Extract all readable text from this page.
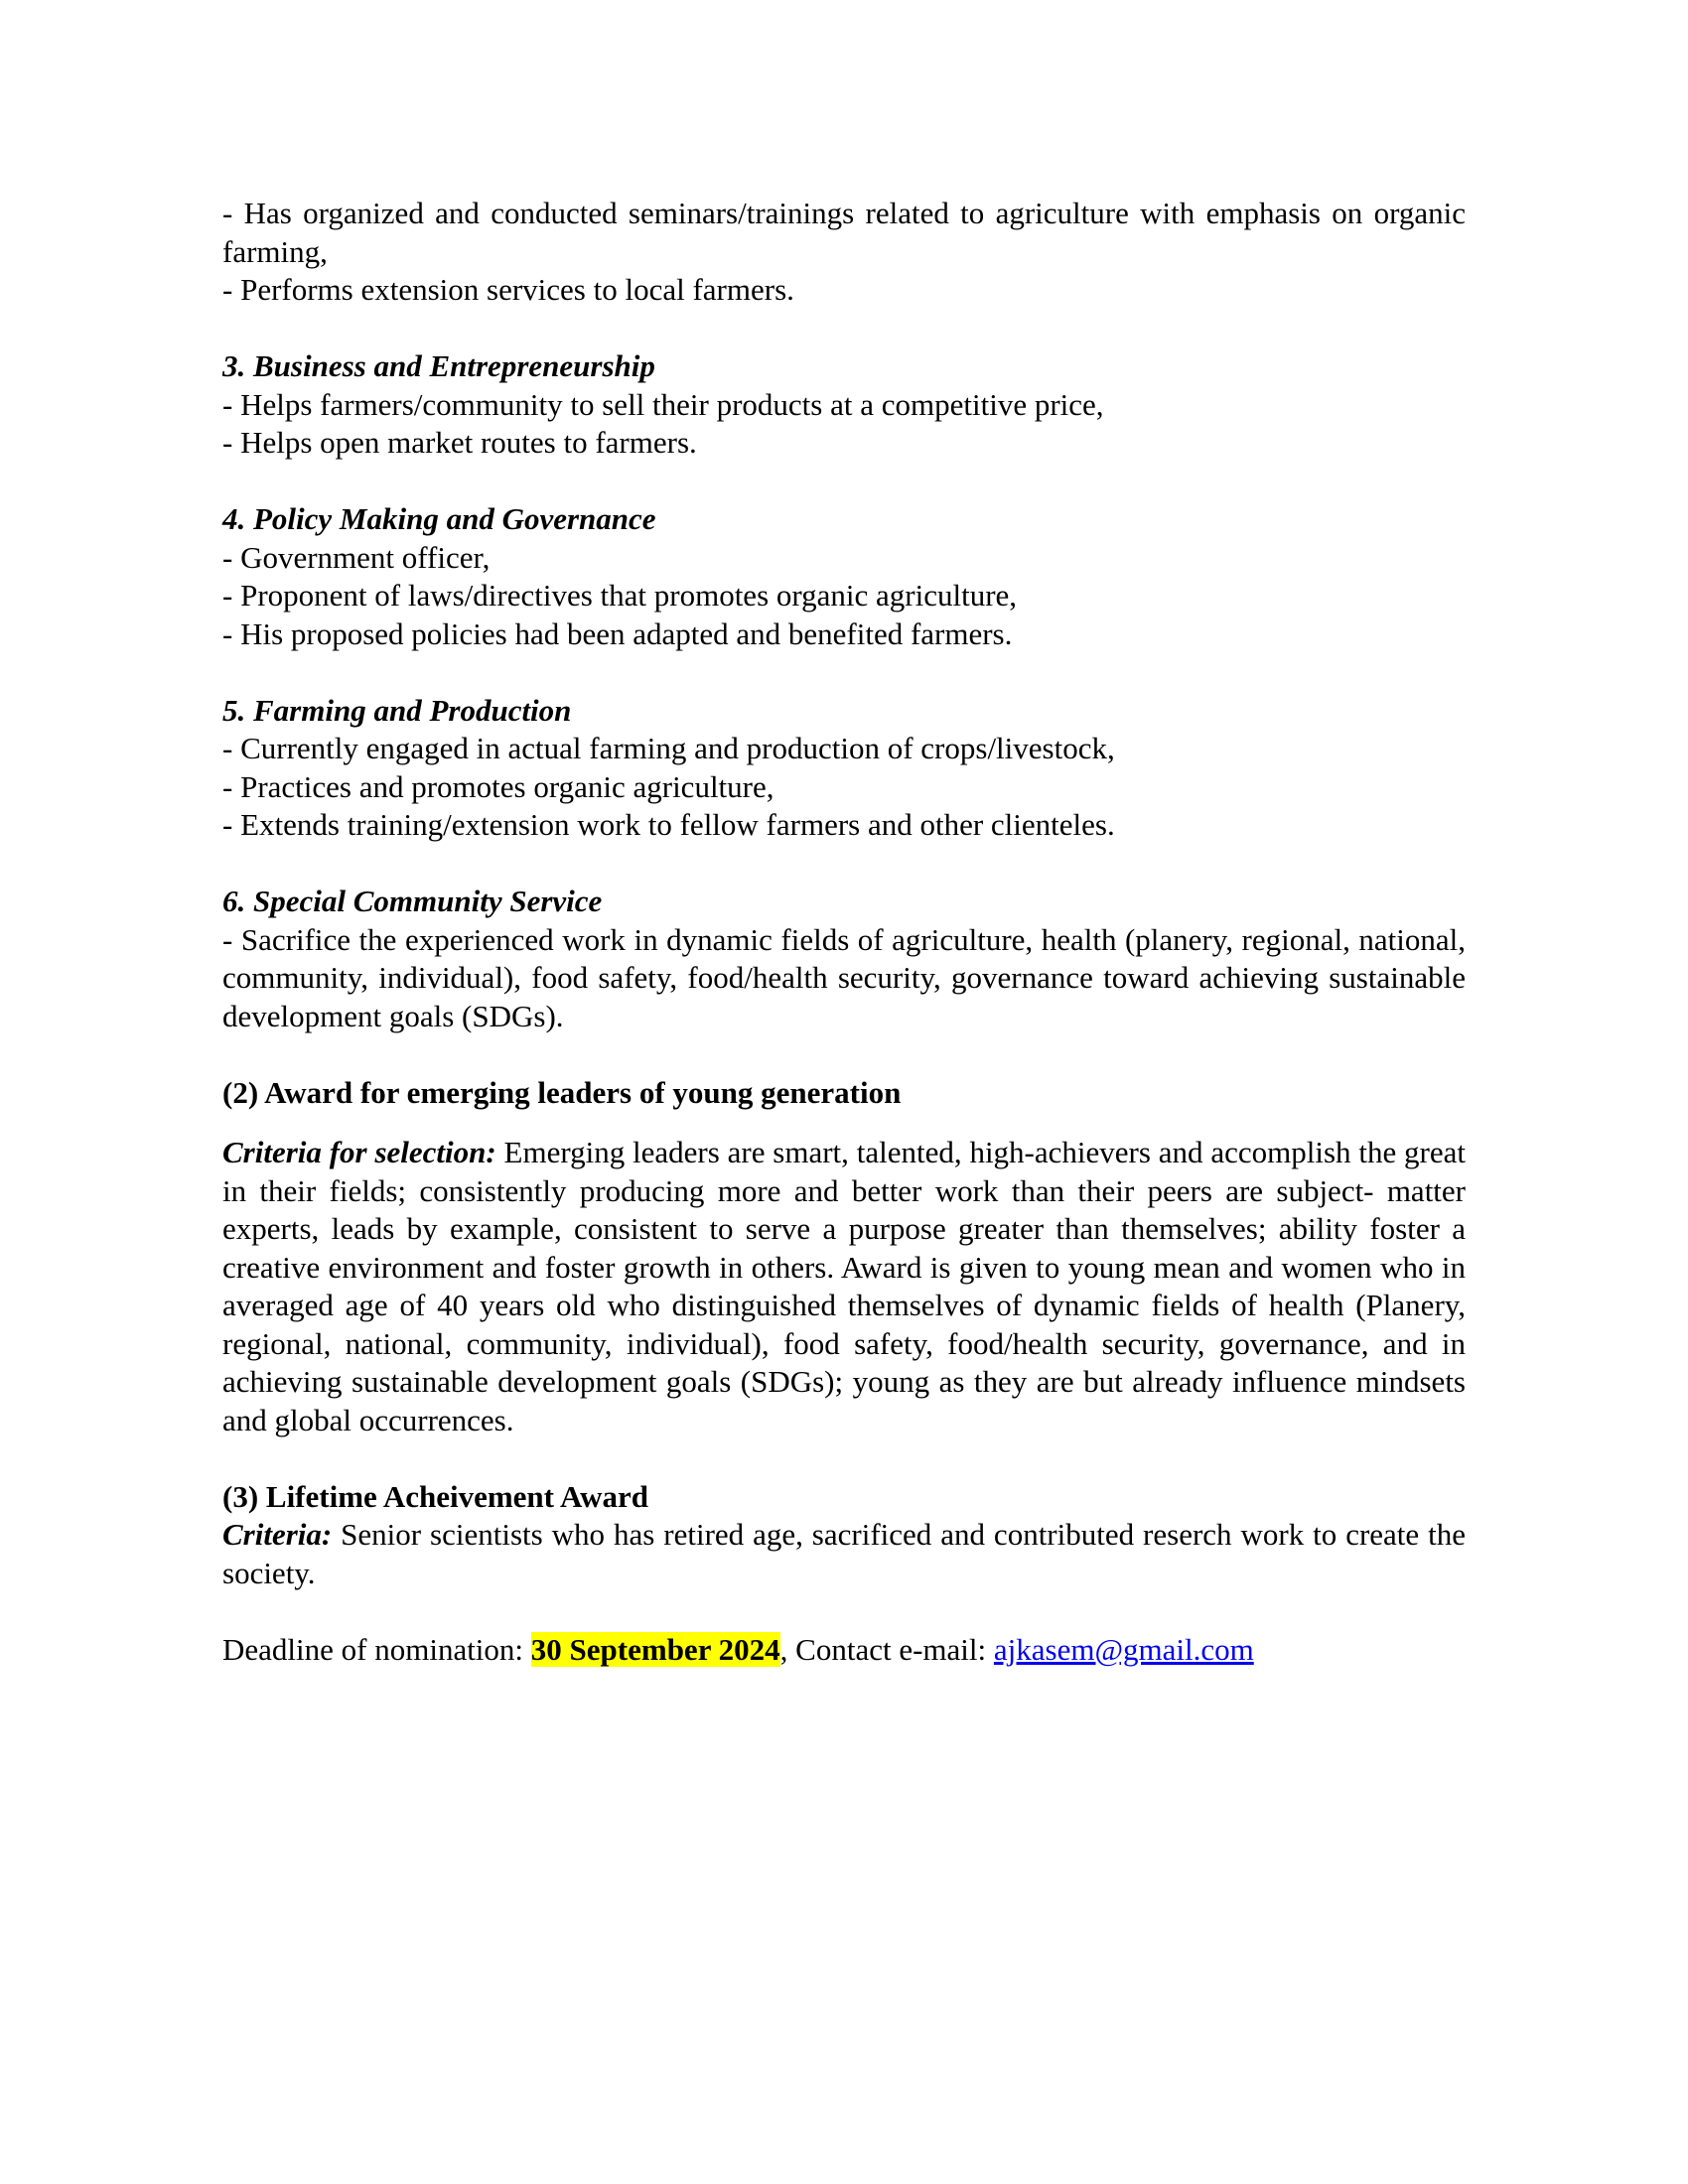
- Has organized and conducted seminars/trainings related to agriculture with emphasis on organic farming,
- Performs extension services to local farmers.
3. Business and Entrepreneurship
- Helps farmers/community to sell their products at a competitive price,
- Helps open market routes to farmers.
4. Policy Making and Governance
- Government officer,
- Proponent of laws/directives that promotes organic agriculture,
- His proposed policies had been adapted and benefited farmers.
5. Farming and Production
- Currently engaged in actual farming and production of crops/livestock,
- Practices and promotes organic agriculture,
- Extends training/extension work to fellow farmers and other clienteles.
6. Special Community Service
- Sacrifice the experienced work in dynamic fields of agriculture, health (planery, regional, national, community, individual), food safety, food/health security, governance toward achieving sustainable development goals (SDGs).
(2) Award for emerging leaders of young generation

Criteria for selection: Emerging leaders are smart, talented, high-achievers and accomplish the great in their fields; consistently producing more and better work than their peers are subject- matter experts, leads by example, consistent to serve a purpose greater than themselves; ability foster a creative environment and foster growth in others. Award is given to young mean and women who in averaged age of 40 years old who distinguished themselves of dynamic fields of health (Planery, regional, national, community, individual), food safety, food/health security, governance, and in achieving sustainable development goals (SDGs); young as they are but already influence mindsets and global occurrences.

(3) Lifetime Acheivement Award

Criteria: Senior scientists who has retired age, sacrificed and contributed reserch work to create the society.

Deadline of nomination: 30 September 2024, Contact e-mail: ajkasem@gmail.com
